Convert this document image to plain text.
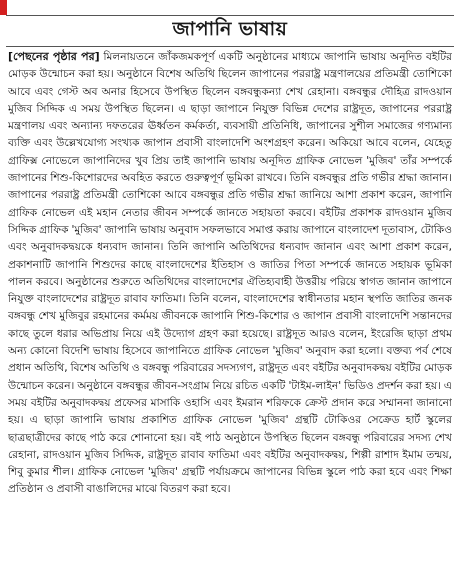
জাপানি ভাষায়

[পেছনের পৃষ্ঠার পর] মিলনায়তনে জাঁকজমকপূর্ণ একটি অনুষ্ঠানের মাধ্যমে জাপানি ভাষায় অনূদিত বইটির মোড়ক উন্মোচন করা হয়। অনুষ্ঠানে বিশেষ অতিথি ছিলেন জাপানের পররাষ্ট্র মন্ত্রণালয়ের প্রতিমন্ত্রী তোশিকো আবে এবং গেস্ট অব অনার হিসেবে উপস্থিত ছিলেন বঙ্গবন্ধুকন্যা শেখ রেহানা। বঙ্গবন্ধুর দৌহিত্র রাদওয়ান মুজিব সিদ্দিক এ সময় উপস্থিত ছিলেন। এ ছাড়া জাপানে নিযুক্ত বিভিন্ন দেশের রাষ্ট্রদূত, জাপানের পররাষ্ট্র মন্ত্রণালয় এবং অন্যান্য দফতরের ঊর্ধ্বতন কর্মকর্তা, ব্যবসায়ী প্রতিনিধি, জাপানের সুশীল সমাজের গণ্যমান্য ব্যক্তি এবং উল্লেখযোগ্য সংখ্যক জাপান প্রবাসী বাংলাদেশি অংশগ্রহণ করেন। অকিয়ো আবে বলেন, যেহেতু গ্রাফিক্স নোভেলে জাপানিদের খুব প্রিয় তাই জাপানি ভাষায় অনূদিত গ্রাফিক নোভেল 'মুজিব' তাঁর সম্পর্কে জাপানের শিশু-কিশোরদের অবহিত করতে গুরুত্বপূর্ণ ভূমিকা রাখবে। তিনি বঙ্গবন্ধুর প্রতি গভীর শ্রদ্ধা জানান। জাপানের পররাষ্ট্র প্রতিমন্ত্রী তোশিকো আবে বঙ্গবন্ধুর প্রতি গভীর শ্রদ্ধা জানিয়ে আশা প্রকাশ করেন, জাপানি গ্রাফিক নোভেল এই মহান নেতার জীবন সম্পর্কে জানতে সহায়তা করবে। বইটির প্রকাশক রাদওয়ান মুজিব সিদ্দিক গ্রাফিক 'মুজিব' জাপানি ভাষায় অনুবাদ সফলভাবে সমাপ্ত করায় জাপানে বাংলাদেশ দূতাবাস, টোকিও এবং অনুবাদকদ্বয়কে ধন্যবাদ জানান। তিনি জাপানি অতিথিদের ধন্যবাদ জানান এবং আশা প্রকাশ করেন, প্রকাশনাটি জাপানি শিশুদের কাছে বাংলাদেশের ইতিহাস ও জাতির পিতা সম্পর্কে জানতে সহায়ক ভূমিকা পালন করবে। অনুষ্ঠানের শুরুতে অতিথিদের বাংলাদেশের ঐতিহ্যবাহী উত্তরীয় পরিয়ে স্বাগত জানান জাপানে নিযুক্ত বাংলাদেশের রাষ্ট্রদূত রাবাব ফাতিমা। তিনি বলেন, বাংলাদেশের স্বাধীনতার মহান স্থপতি জাতির জনক বঙ্গবন্ধু শেখ মুজিবুর রহমানের কর্মময় জীবনকে জাপানি শিশু-কিশোর ও জাপান প্রবাসী বাংলাদেশি সন্তানদের কাছে তুলে ধরার অভিপ্রায় নিয়ে এই উদ্যোগ গ্রহণ করা হয়েছে। রাষ্ট্রদূত আরও বলেন, ইংরেজি ছাড়া প্রথম অন্য কোনো বিদেশি ভাষায় হিসেবে জাপানিতে গ্রাফিক নোভেল 'মুজিব' অনুবাদ করা হলো। বক্তব্য পর্ব শেষে প্রধান অতিথি, বিশেষ অতিথি ও বঙ্গবন্ধু পরিবারের সদস্যগণ, রাষ্ট্রদূত এবং বইটির অনুবাদকদ্বয় বইটির মোড়ক উন্মোচন করেন। অনুষ্ঠানে বঙ্গবন্ধুর জীবন-সংগ্রাম নিয়ে রচিত একটি 'টাইম-লাইন' ভিডিও প্রদর্শন করা হয়। এ সময় বইটির অনুবাদকদ্বয় প্রফেসর মাসাকি ওহাসি এবং ইমরান শরিফকে ক্রেস্ট প্রদান করে সম্মাননা জানানো হয়। এ ছাড়া জাপানি ভাষায় প্রকাশিত গ্রাফিক নোভেল 'মুজিব' গ্রন্থটি টোকিওর সেক্রেড হার্ট স্কুলের ছাত্রছাত্রীদের কাছে পাঠ করে শোনানো হয়। বই পাঠ অনুষ্ঠানে উপস্থিত ছিলেন বঙ্গবন্ধু পরিবারের সদস্য শেখ রেহানা, রাদওয়ান মুজিব সিদ্দিক, রাষ্ট্রদূত রাবাব ফাতিমা এবং বইটির অনুবাদকদ্বয়, শিল্পী রাশাদ ইমাম তন্ময়, শিবু কুমার শীল। গ্রাফিক নোভেল 'মুজিব' গ্রন্থটি পর্যায়ক্রমে জাপানের বিভিন্ন স্কুলে পাঠ করা হবে এবং শিক্ষা প্রতিষ্ঠান ও প্রবাসী বাঙালিদের মাঝে বিতরণ করা হবে।
